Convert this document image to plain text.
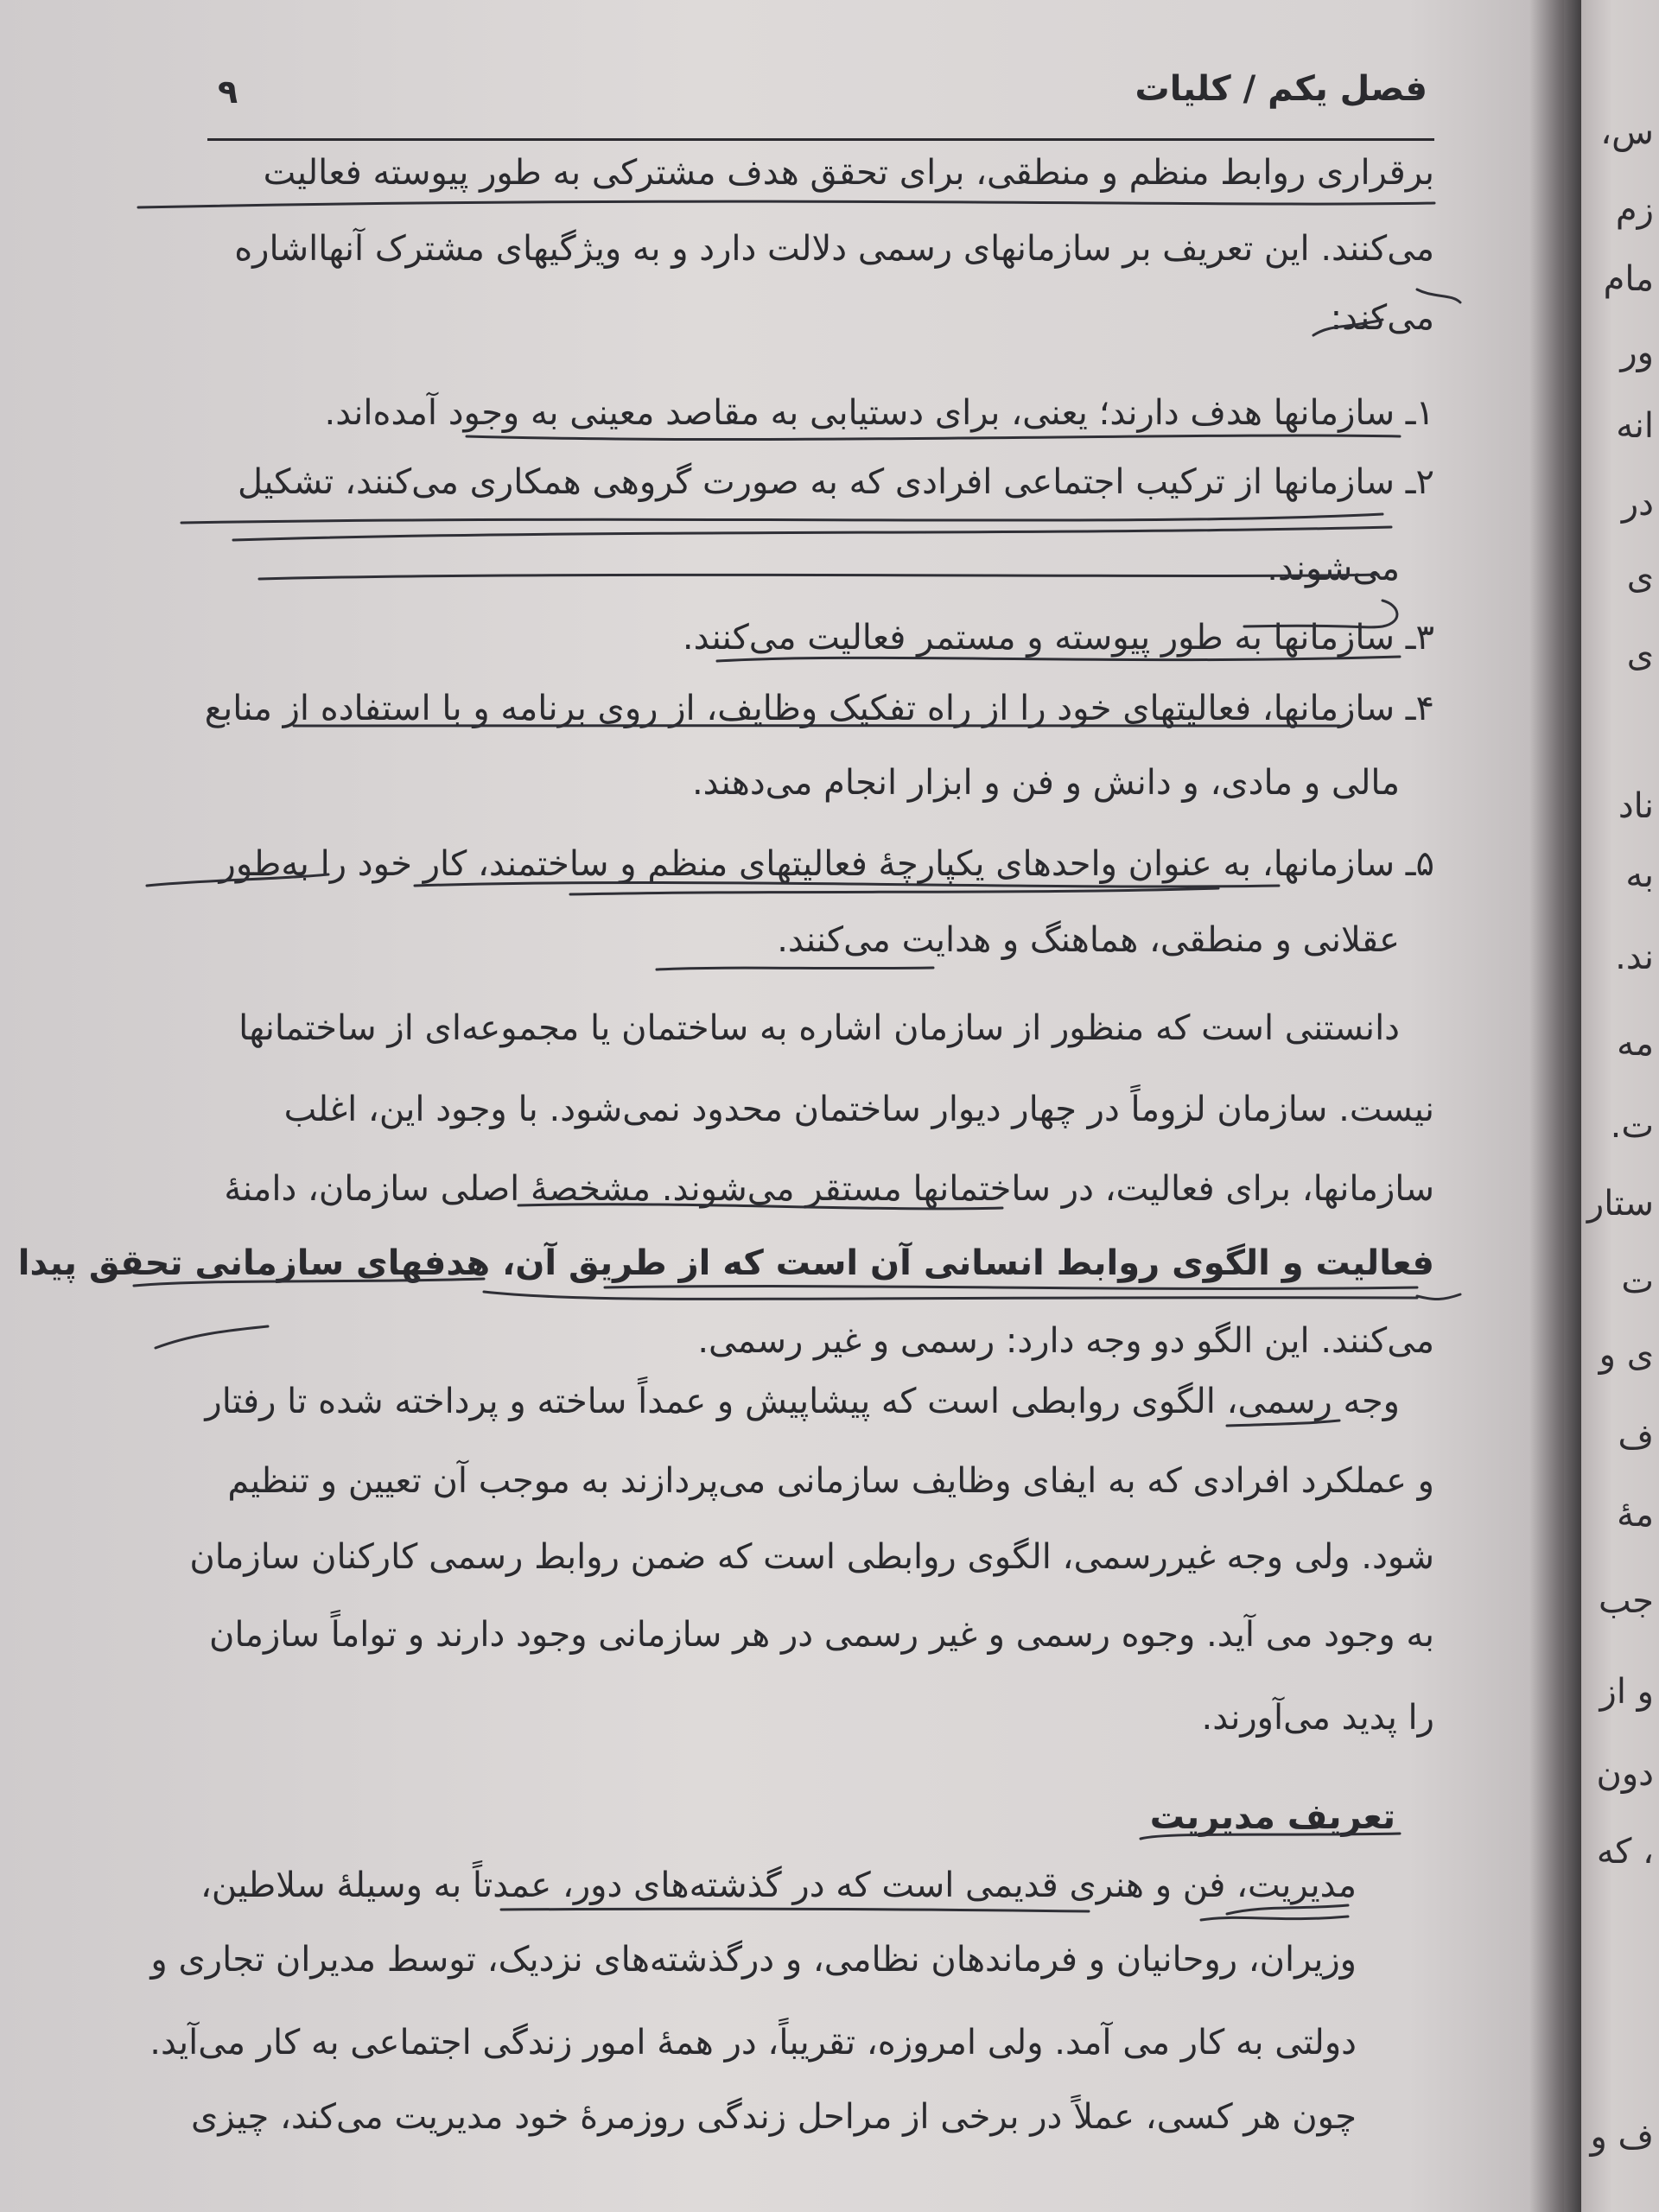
فصل یکم / کلیات
۹
برقراری روابط منظم و منطقی، برای تحقق هدف مشترکی به طور پیوسته فعالیت
می‌کنند. این تعریف بر سازمانهای رسمی دلالت دارد و به ویژگیهای مشترک آنهااشاره
می‌کند:
۱ـ سازمانها هدف دارند؛ یعنی، برای دستیابی به مقاصد معینی به وجود آمده‌اند.
۲ـ سازمانها از ترکیب اجتماعی افرادی که به صورت گروهی همکاری می‌کنند، تشکیل
می‌شوند.
۳ـ سازمانها به طور پیوسته و مستمر فعالیت می‌کنند.
۴ـ سازمانها، فعالیتهای خود را از راه تفکیک وظایف، از روی برنامه و با استفاده از منابع
مالی و مادی، و دانش و فن و ابزار انجام می‌دهند.
۵ـ سازمانها، به عنوان واحدهای یکپارچهٔ فعالیتهای منظم و ساختمند، کار خود را به‌طور
عقلانی و منطقی، هماهنگ و هدایت می‌کنند.
دانستنی است که منظور از سازمان اشاره به ساختمان یا مجموعه‌ای از ساختمانها
نیست. سازمان لزوماً در چهار دیوار ساختمان محدود نمی‌شود. با وجود این، اغلب
سازمانها، برای فعالیت، در ساختمانها مستقر می‌شوند. مشخصهٔ اصلی سازمان، دامنهٔ
فعالیت و الگوی روابط انسانی آن است که از طریق آن، هدفهای سازمانی تحقق پیدا
می‌کنند. این الگو دو وجه دارد: رسمی و غیر رسمی.
وجه رسمی، الگوی روابطی است که پیشاپیش و عمداً ساخته و پرداخته شده تا رفتار
و عملکرد افرادی که به ایفای وظایف سازمانی می‌پردازند به موجب آن تعیین و تنظیم
شود. ولی وجه غیررسمی، الگوی روابطی است که ضمن روابط رسمی کارکنان سازمان
به وجود می آید. وجوه رسمی و غیر رسمی در هر سازمانی وجود دارند و تواماً سازمان
را پدید می‌آورند.
تعریف مدیریت
مدیریت، فن و هنری قدیمی است که در گذشته‌های دور، عمدتاً به وسیلهٔ سلاطین،
وزیران، روحانیان و فرماندهان نظامی، و درگذشته‌های نزدیک، توسط مدیران تجاری و
دولتی به کار می آمد. ولی امروزه، تقریباً، در همهٔ امور زندگی اجتماعی به کار می‌آید.
چون هر کسی، عملاً در برخی از مراحل زندگی روزمرهٔ خود مدیریت می‌کند، چیزی
س،
زم
مام
ور
انه
در
ی
ی
ناد
به
ند.
مه
ت.
ستار
ت
ی و
ف
مهٔ
جب
و از
دون
، که
ف و
